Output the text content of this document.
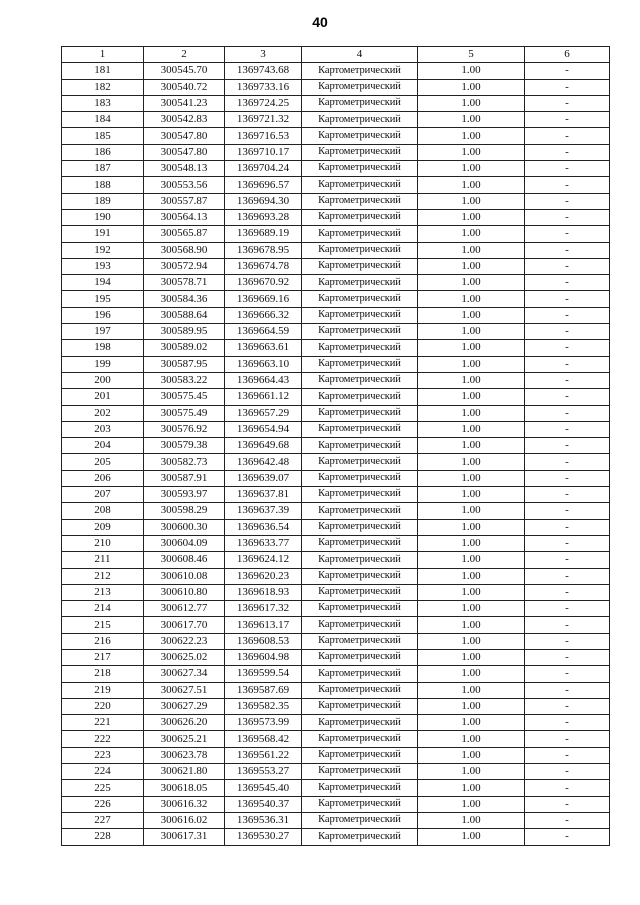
40
1	2	3	4	5	6
181	300545.70	1369743.68	Картометрический	1.00	-
182	300540.72	1369733.16	Картометрический	1.00	-
183	300541.23	1369724.25	Картометрический	1.00	-
184	300542.83	1369721.32	Картометрический	1.00	-
185	300547.80	1369716.53	Картометрический	1.00	-
186	300547.80	1369710.17	Картометрический	1.00	-
187	300548.13	1369704.24	Картометрический	1.00	-
188	300553.56	1369696.57	Картометрический	1.00	-
189	300557.87	1369694.30	Картометрический	1.00	-
190	300564.13	1369693.28	Картометрический	1.00	-
191	300565.87	1369689.19	Картометрический	1.00	-
192	300568.90	1369678.95	Картометрический	1.00	-
193	300572.94	1369674.78	Картометрический	1.00	-
194	300578.71	1369670.92	Картометрический	1.00	-
195	300584.36	1369669.16	Картометрический	1.00	-
196	300588.64	1369666.32	Картометрический	1.00	-
197	300589.95	1369664.59	Картометрический	1.00	-
198	300589.02	1369663.61	Картометрический	1.00	-
199	300587.95	1369663.10	Картометрический	1.00	-
200	300583.22	1369664.43	Картометрический	1.00	-
201	300575.45	1369661.12	Картометрический	1.00	-
202	300575.49	1369657.29	Картометрический	1.00	-
203	300576.92	1369654.94	Картометрический	1.00	-
204	300579.38	1369649.68	Картометрический	1.00	-
205	300582.73	1369642.48	Картометрический	1.00	-
206	300587.91	1369639.07	Картометрический	1.00	-
207	300593.97	1369637.81	Картометрический	1.00	-
208	300598.29	1369637.39	Картометрический	1.00	-
209	300600.30	1369636.54	Картометрический	1.00	-
210	300604.09	1369633.77	Картометрический	1.00	-
211	300608.46	1369624.12	Картометрический	1.00	-
212	300610.08	1369620.23	Картометрический	1.00	-
213	300610.80	1369618.93	Картометрический	1.00	-
214	300612.77	1369617.32	Картометрический	1.00	-
215	300617.70	1369613.17	Картометрический	1.00	-
216	300622.23	1369608.53	Картометрический	1.00	-
217	300625.02	1369604.98	Картометрический	1.00	-
218	300627.34	1369599.54	Картометрический	1.00	-
219	300627.51	1369587.69	Картометрический	1.00	-
220	300627.29	1369582.35	Картометрический	1.00	-
221	300626.20	1369573.99	Картометрический	1.00	-
222	300625.21	1369568.42	Картометрический	1.00	-
223	300623.78	1369561.22	Картометрический	1.00	-
224	300621.80	1369553.27	Картометрический	1.00	-
225	300618.05	1369545.40	Картометрический	1.00	-
226	300616.32	1369540.37	Картометрический	1.00	-
227	300616.02	1369536.31	Картометрический	1.00	-
228	300617.31	1369530.27	Картометрический	1.00	-
